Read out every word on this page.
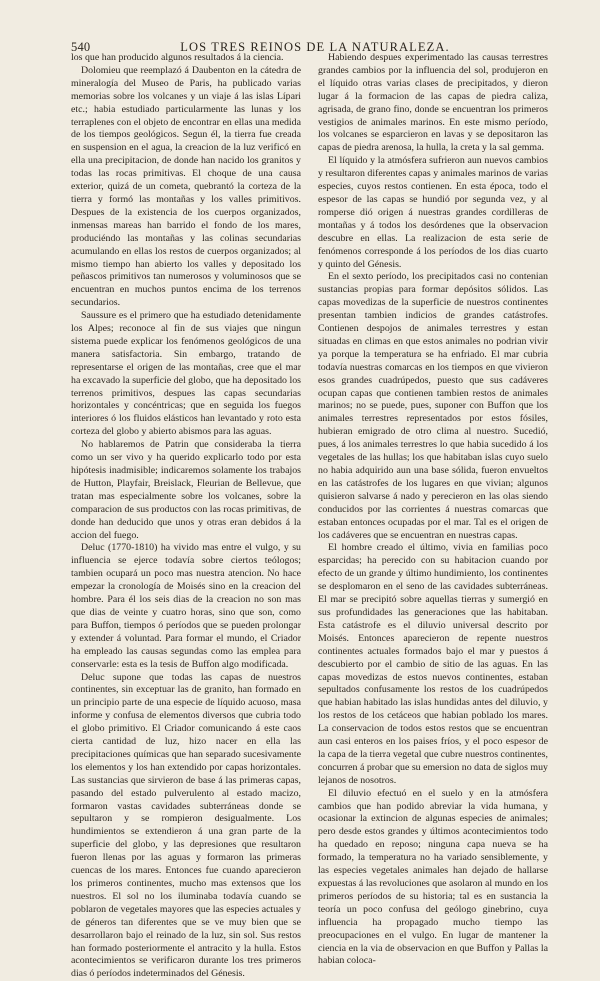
540	LOS TRES REINOS DE LA NATURALEZA.

los que han producido algunos resultados á la ciencia.

Dolomieu que reemplazó á Daubenton en la cátedra de mineralogía del Museo de Paris, ha publicado varias memorias sobre los volcanes y un viaje á las islas Lípari etc.; habia estudiado particularmente las lunas y los terraplenes con el objeto de encontrar en ellas una medida de los tiempos geológicos. Segun él, la tierra fue creada en suspension en el agua, la creacion de la luz verificó en ella una precipitacion, de donde han nacido los granitos y todas las rocas primitivas. El choque de una causa exterior, quizá de un cometa, quebrantó la corteza de la tierra y formó las montañas y los valles primitivos. Despues de la existencia de los cuerpos organizados, inmensas mareas han barrido el fondo de los mares, produciéndo las montañas y las colinas secundarias acumulando en ellas los restos de cuerpos organizados; al mismo tiempo han abierto los valles y depositado los peñascos primitivos tan numerosos y voluminosos que se encuentran en muchos puntos encima de los terrenos secundarios.

Saussure es el primero que ha estudiado detenidamente los Alpes; reconoce al fin de sus viajes que ningun sistema puede explicar los fenómenos geológicos de una manera satisfactoria. Sin embargo, tratando de representarse el origen de las montañas, cree que el mar ha excavado la superficie del globo, que ha depositado los terrenos primitivos, despues las capas secundarias horizontales y concéntricas; que en seguida los fuegos interiores ó los fluidos elásticos han levantado y roto esta corteza del globo y abierto abismos para las aguas.

No hablaremos de Patrin que consideraba la tierra como un ser vivo y ha querido explicarlo todo por esta hipótesis inadmisible; indicaremos solamente los trabajos de Hutton, Playfair, Breislack, Fleurian de Bellevue, que tratan mas especialmente sobre los volcanes, sobre la comparacion de sus productos con las rocas primitivas, de donde han deducido que unos y otras eran debidos á la accion del fuego.

Deluc (1770-1810) ha vivido mas entre el vulgo, y su influencia se ejerce todavía sobre ciertos teólogos; tambien ocupará un poco mas nuestra atencion. No hace empezar la cronología de Moisés sino en la creacion del hombre. Para él los seis dias de la creacion no son mas que dias de veinte y cuatro horas, sino que son, como para Buffon, tiempos ó períodos que se pueden prolongar y extender á voluntad. Para formar el mundo, el Criador ha empleado las causas segundas como las emplea para conservarle: esta es la tesis de Buffon algo modificada.

Deluc supone que todas las capas de nuestros continentes, sin exceptuar las de granito, han formado en un principio parte de una especie de líquido acuoso, masa informe y confusa de elementos diversos que cubria todo el globo primitivo. El Criador comunicando á este caos cierta cantidad de luz, hizo nacer en ella las precipitaciones químicas que han separado sucesivamente los elementos y los han extendido por capas horizontales. Las sustancias que sirvieron de base á las primeras capas, pasando del estado pulverulento al estado macizo, formaron vastas cavidades subterráneas donde se sepultaron y se rompieron desigualmente. Los hundimientos se extendieron á una gran parte de la superficie del globo, y las depresiones que resultaron fueron llenas por las aguas y formaron las primeras cuencas de los mares. Entonces fue cuando aparecieron los primeros continentes, mucho mas extensos que los nuestros. El sol no los iluminaba todavía cuando se poblaron de vegetales mayores que las especies actuales y de géneros tan diferentes que se ve muy bien que se desarrollaron bajo el reinado de la luz, sin sol. Sus restos han formado posteriormente el antracito y la hulla. Estos acontecimientos se verificaron durante los tres primeros dias ó períodos indeterminados del Génesis.

Habiendo despues experimentado las causas terrestres grandes cambios por la influencia del sol, produjeron en el líquido otras varias clases de precipitados, y dieron lugar á la formacion de las capas de piedra caliza, agrisada, de grano fino, donde se encuentran los primeros vestigios de animales marinos. En este mismo período, los volcanes se esparcieron en lavas y se depositaron las capas de piedra arenosa, la hulla, la creta y la sal gemma.

El líquido y la atmósfera sufrieron aun nuevos cambios y resultaron diferentes capas y animales marinos de varias especies, cuyos restos contienen. En esta época, todo el espesor de las capas se hundió por segunda vez, y al romperse dió origen á nuestras grandes cordilleras de montañas y á todos los desórdenes que la observacion descubre en ellas. La realizacion de esta serie de fenómenos corresponde á los períodos de los dias cuarto y quinto del Génesis.

En el sexto período, los precipitados casi no contenian sustancias propias para formar depósitos sólidos. Las capas movedizas de la superficie de nuestros continentes presentan tambien indicios de grandes catástrofes. Contienen despojos de animales terrestres y estan situadas en climas en que estos animales no podrian vivir ya porque la temperatura se ha enfriado. El mar cubria todavía nuestras comarcas en los tiempos en que vivieron esos grandes cuadrúpedos, puesto que sus cadáveres ocupan capas que contienen tambien restos de animales marinos; no se puede, pues, suponer con Buffon que los animales terrestres representados por estos fósiles, hubieran emigrado de otro clima al nuestro. Sucedió, pues, á los animales terrestres lo que habia sucedido á los vegetales de las hullas; los que habitaban islas cuyo suelo no habia adquirido aun una base sólida, fueron envueltos en las catástrofes de los lugares en que vivian; algunos quisieron salvarse á nado y perecieron en las olas siendo conducidos por las corrientes á nuestras comarcas que estaban entonces ocupadas por el mar. Tal es el origen de los cadáveres que se encuentran en nuestras capas.

El hombre creado el último, vivia en familias poco esparcidas; ha perecido con su habitacion cuando por efecto de un grande y último hundimiento, los continentes se desplomaron en el seno de las cavidades subterráneas. El mar se precipitó sobre aquellas tierras y sumergió en sus profundidades las generaciones que las habitaban. Esta catástrofe es el diluvio universal descrito por Moisés. Entonces aparecieron de repente nuestros continentes actuales formados bajo el mar y puestos á descubierto por el cambio de sitio de las aguas. En las capas movedizas de estos nuevos continentes, estaban sepultados confusamente los restos de los cuadrúpedos que habian habitado las islas hundidas antes del diluvio, y los restos de los cetáceos que habian poblado los mares. La conservacion de todos estos restos que se encuentran aun casi enteros en los paises fríos, y el poco espesor de la capa de la tierra vegetal que cubre nuestros continentes, concurren á probar que su emersion no data de siglos muy lejanos de nosotros.

El diluvio efectuó en el suelo y en la atmósfera cambios que han podido abreviar la vida humana, y ocasionar la extincion de algunas especies de animales; pero desde estos grandes y últimos acontecimientos todo ha quedado en reposo; ninguna capa nueva se ha formado, la temperatura no ha variado sensiblemente, y las especies vegetales animales han dejado de hallarse expuestas á las revoluciones que asolaron al mundo en los primeros períodos de su historia; tal es en sustancia la teoría un poco confusa del geólogo ginebrino, cuya influencia ha propagado mucho tiempo las preocupaciones en el vulgo. En lugar de mantener la ciencia en la via de observacion en que Buffon y Pallas la habian coloca-
